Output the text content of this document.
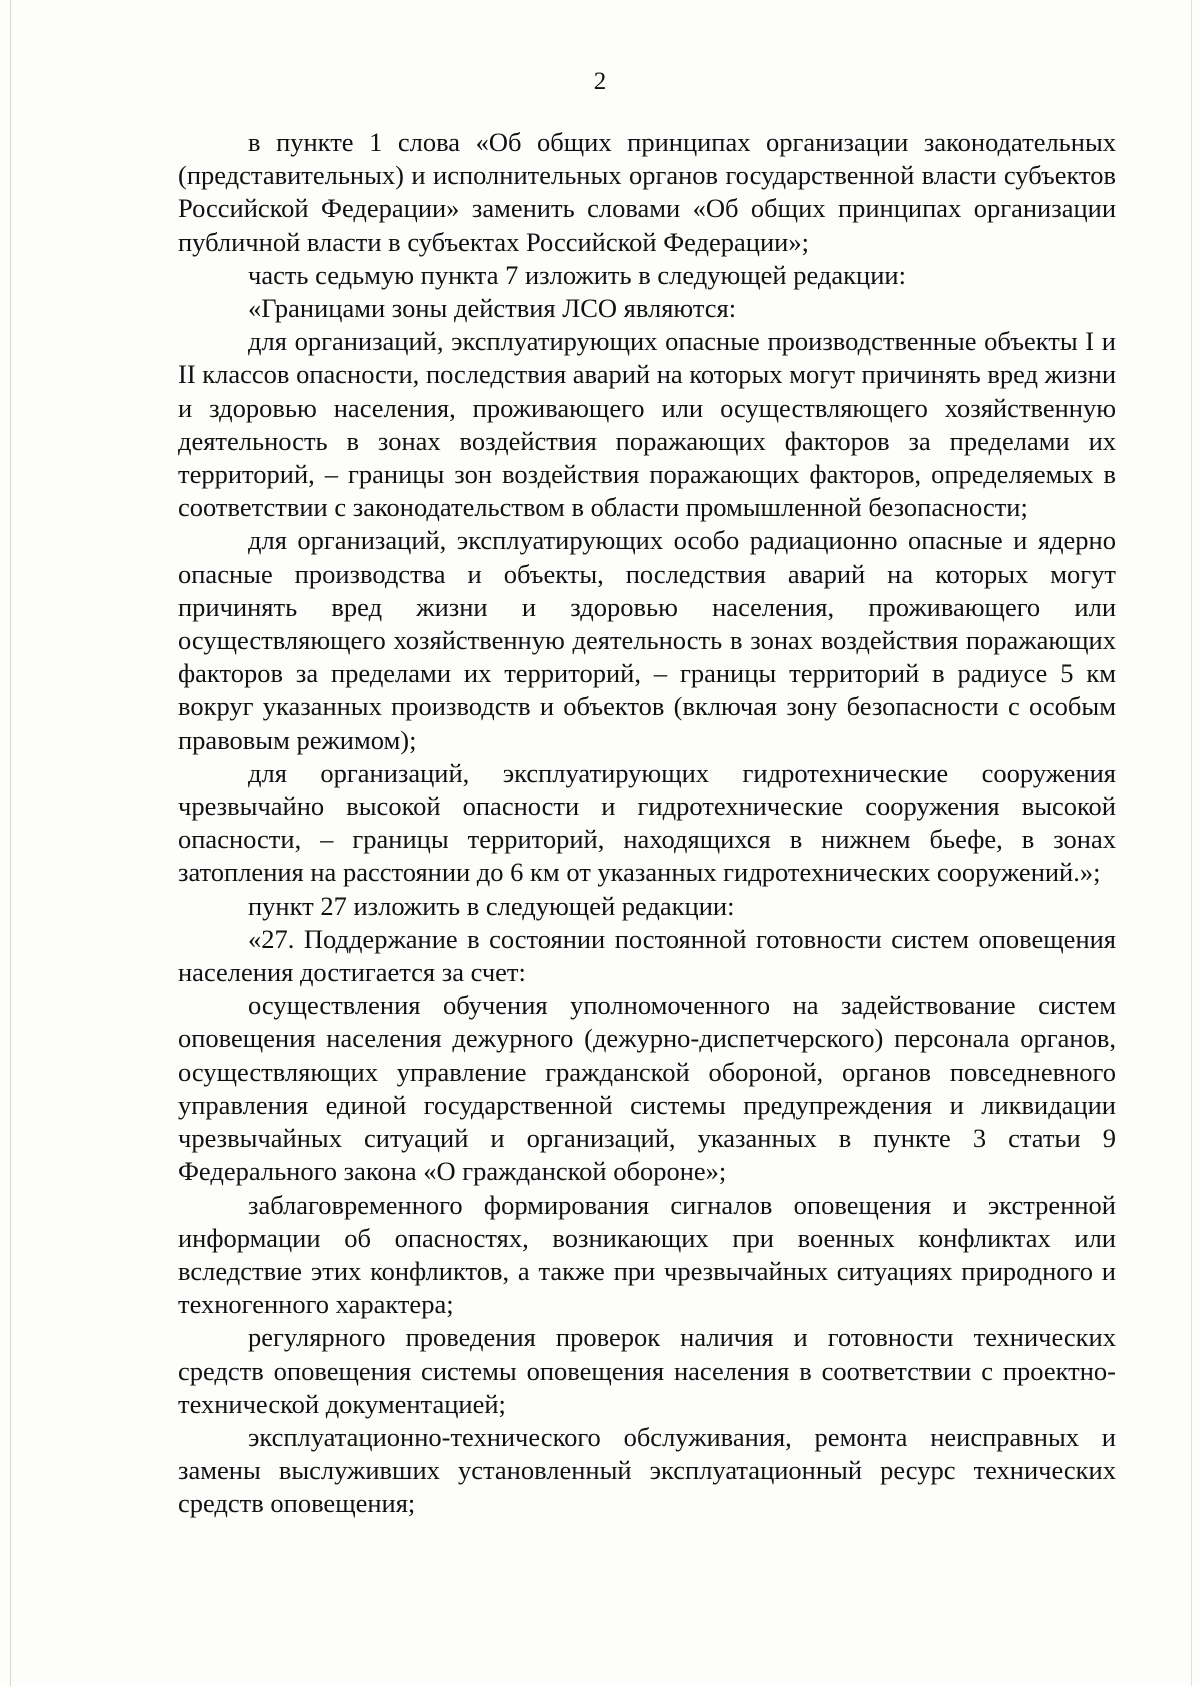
2

в пункте 1 слова «Об общих принципах организации законодательных (представительных) и исполнительных органов государственной власти субъектов Российской Федерации» заменить словами «Об общих принципах организации публичной власти в субъектах Российской Федерации»;

часть седьмую пункта 7 изложить в следующей редакции:

«Границами зоны действия ЛСО являются:

для организаций, эксплуатирующих опасные производственные объекты I и II классов опасности, последствия аварий на которых могут причинять вред жизни и здоровью населения, проживающего или осуществляющего хозяйственную деятельность в зонах воздействия поражающих факторов за пределами их территорий, – границы зон воздействия поражающих факторов, определяемых в соответствии с законодательством в области промышленной безопасности;

для организаций, эксплуатирующих особо радиационно опасные и ядерно опасные производства и объекты, последствия аварий на которых могут причинять вред жизни и здоровью населения, проживающего или осуществляющего хозяйственную деятельность в зонах воздействия поражающих факторов за пределами их территорий, – границы территорий в радиусе 5 км вокруг указанных производств и объектов (включая зону безопасности с особым правовым режимом);

для организаций, эксплуатирующих гидротехнические сооружения чрезвычайно высокой опасности и гидротехнические сооружения высокой опасности, – границы территорий, находящихся в нижнем бьефе, в зонах затопления на расстоянии до 6 км от указанных гидротехнических сооружений.»;

пункт 27 изложить в следующей редакции:

«27. Поддержание в состоянии постоянной готовности систем оповещения населения достигается за счет:

осуществления обучения уполномоченного на задействование систем оповещения населения дежурного (дежурно-диспетчерского) персонала органов, осуществляющих управление гражданской обороной, органов повседневного управления единой государственной системы предупреждения и ликвидации чрезвычайных ситуаций и организаций, указанных в пункте 3 статьи 9 Федерального закона «О гражданской обороне»;

заблаговременного формирования сигналов оповещения и экстренной информации об опасностях, возникающих при военных конфликтах или вследствие этих конфликтов, а также при чрезвычайных ситуациях природного и техногенного характера;

регулярного проведения проверок наличия и готовности технических средств оповещения системы оповещения населения в соответствии с проектно-технической документацией;

эксплуатационно-технического обслуживания, ремонта неисправных и замены выслуживших установленный эксплуатационный ресурс технических средств оповещения;
